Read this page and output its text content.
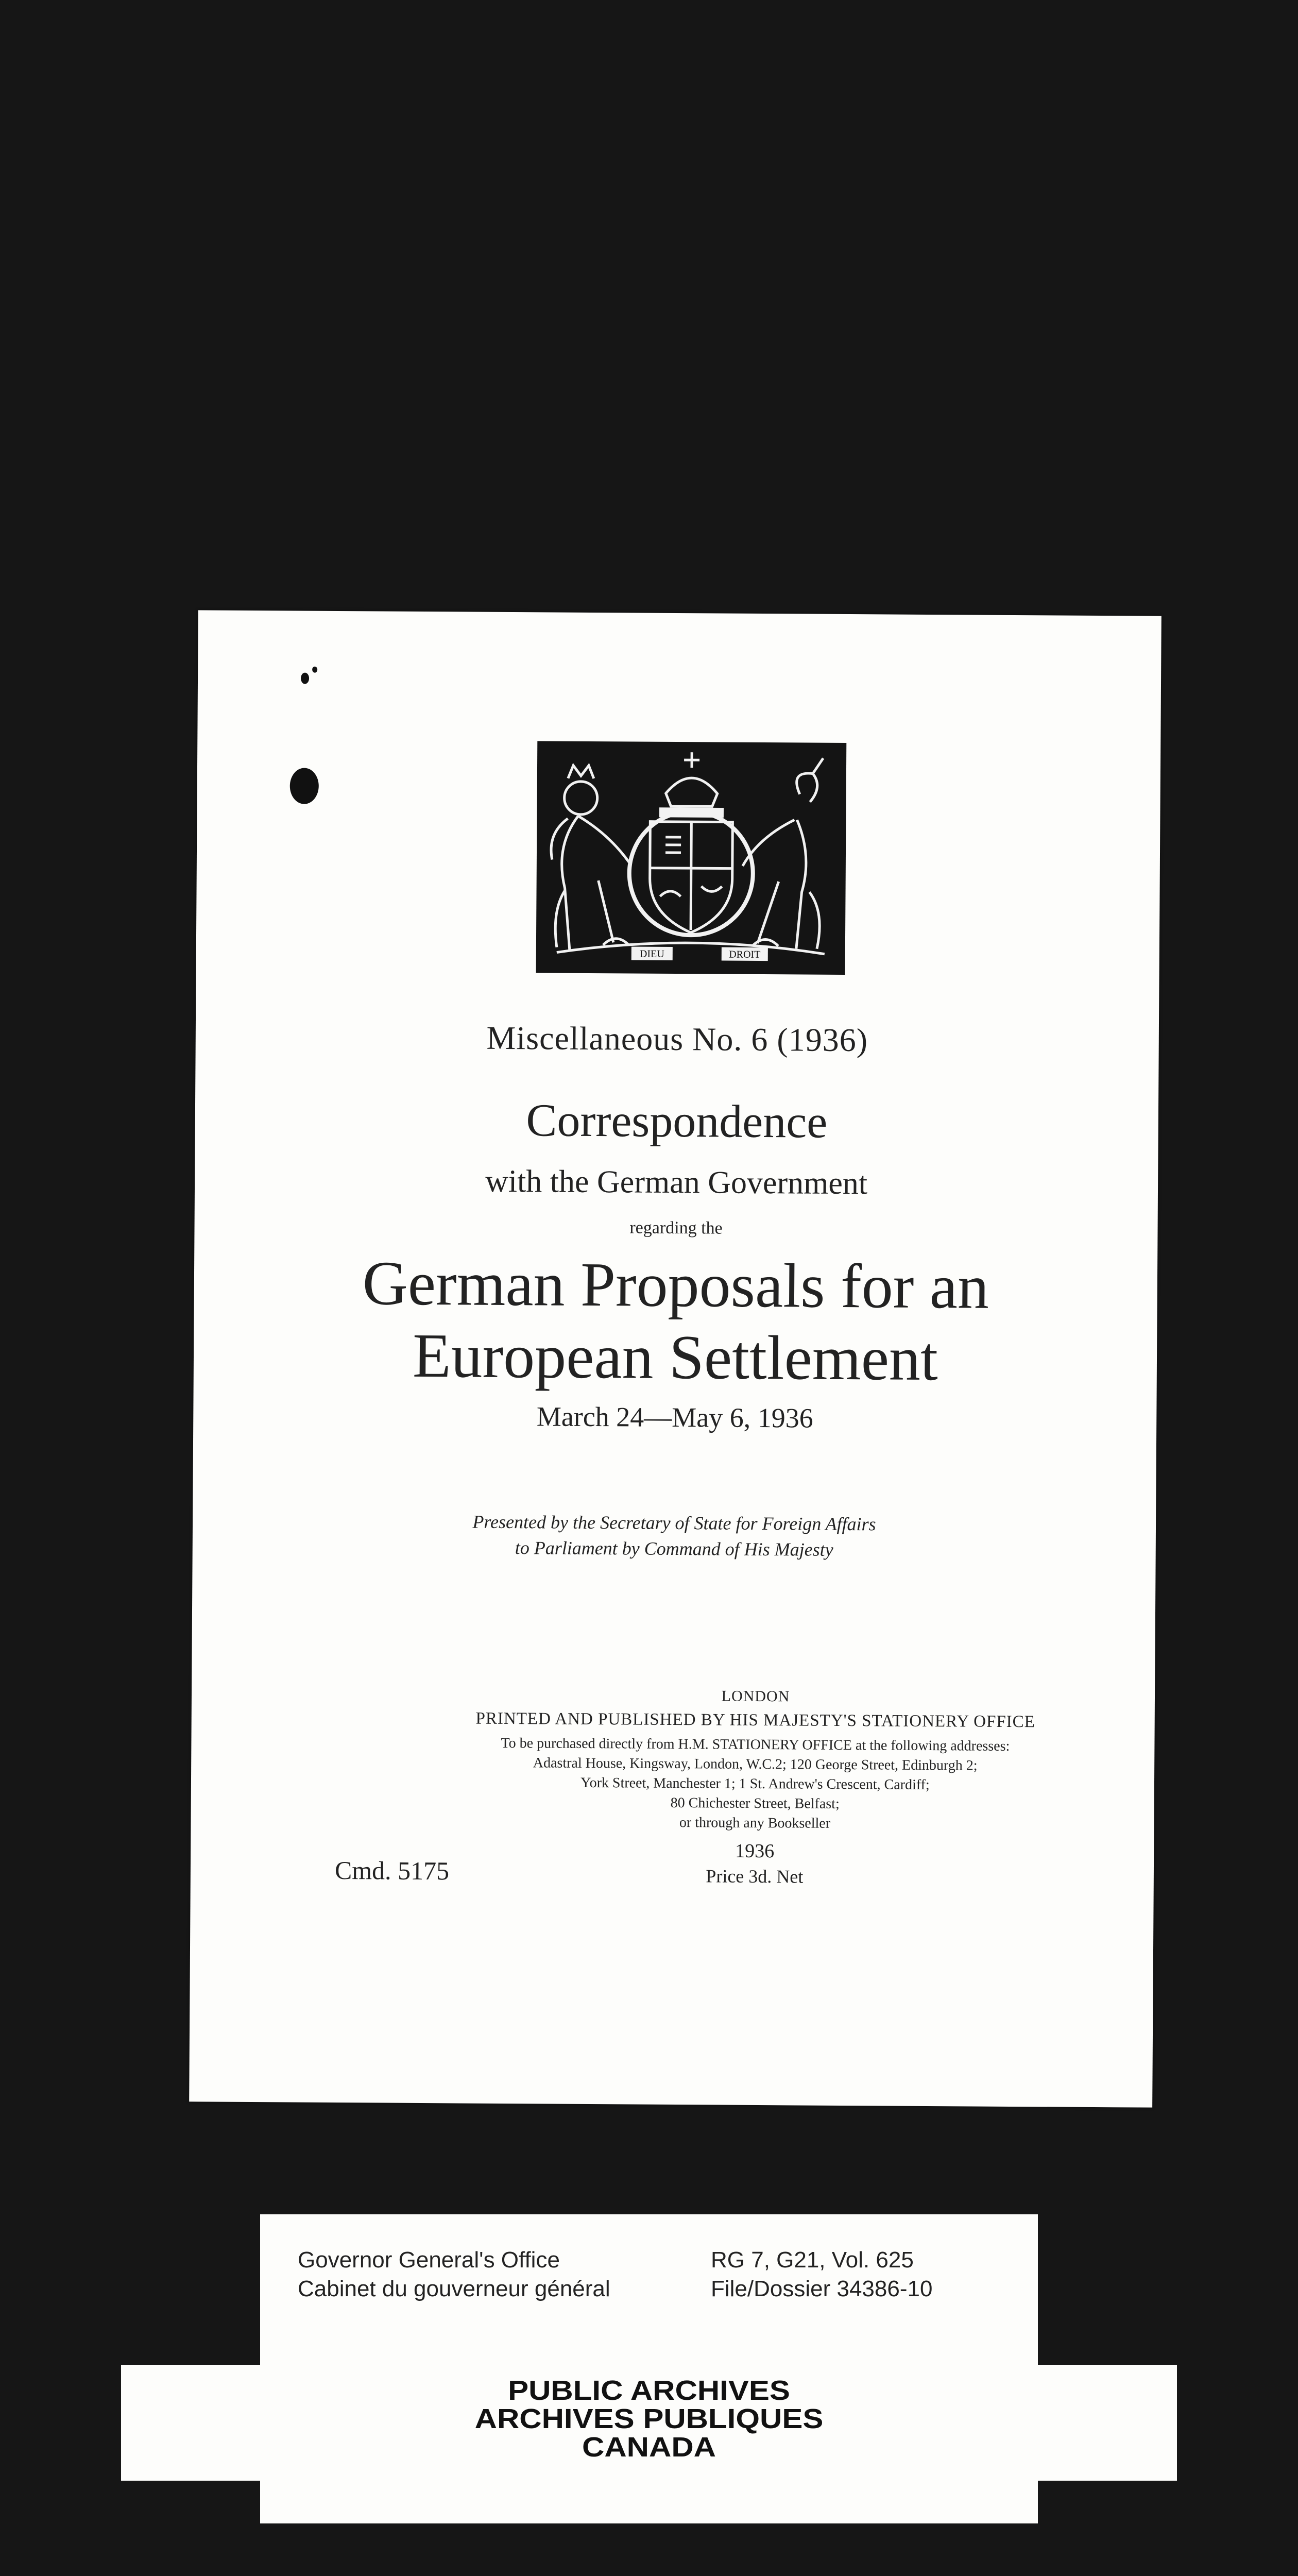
DIEU	DROIT
Miscellaneous No. 6 (1936)
Correspondence
with the German Government
regarding the
German Proposals for an
European Settlement
March 24—May 6, 1936
Presented by the Secretary of State for Foreign Affairs
to Parliament by Command of His Majesty
LONDON
PRINTED AND PUBLISHED BY HIS MAJESTY'S STATIONERY OFFICE
To be purchased directly from H.M. STATIONERY OFFICE at the following addresses:
Adastral House, Kingsway, London, W.C.2; 120 George Street, Edinburgh 2;
York Street, Manchester 1; 1 St. Andrew's Crescent, Cardiff;
80 Chichester Street, Belfast;
or through any Bookseller
1936
Price 3d. Net
Cmd. 5175
Governor General's Office
Cabinet du gouverneur général
RG 7, G21, Vol. 625
File/Dossier 34386-10
PUBLIC ARCHIVES
ARCHIVES PUBLIQUES
CANADA
